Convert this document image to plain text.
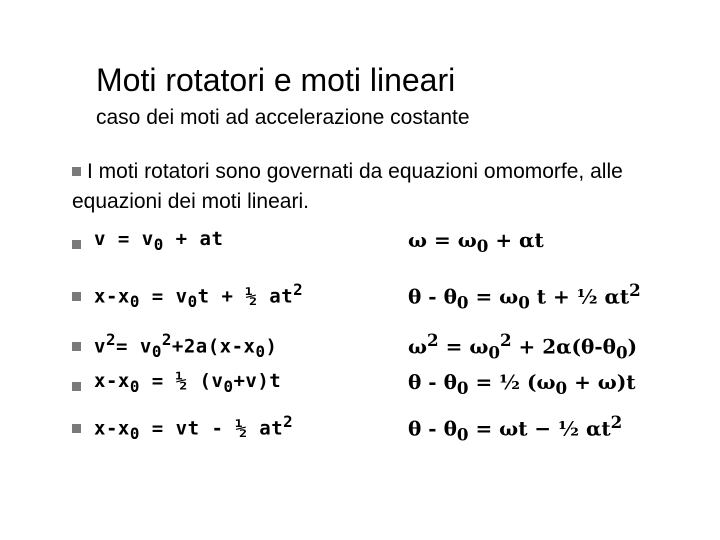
Moti rotatori e moti lineari
caso dei moti ad accelerazione costante
I moti rotatori sono governati da equazioni omomorfe, alle equazioni dei moti lineari.
$v = v_0$ + at	$\omega = \omega_0 + \alpha t$
$x-x_0 = v_0t$ + ½ $at^2$	$\theta - \theta_0 = \omega_0$ t + ½ $\alpha t^2$
$v^2= v_0^2+2a(x-x_0)$	$\omega^2 = \omega_0^2 + 2\alpha(\theta-\theta_0)$
$x-x_0$ = ½ $(v_0+v)t$	θ - $\theta_0$ = ½ $(\omega_0 + \omega)t$
$x-x_0$ = vt - ½ $at^2$	$\theta - \theta_0 = \omega t$ − ½ $\alpha t^2$
